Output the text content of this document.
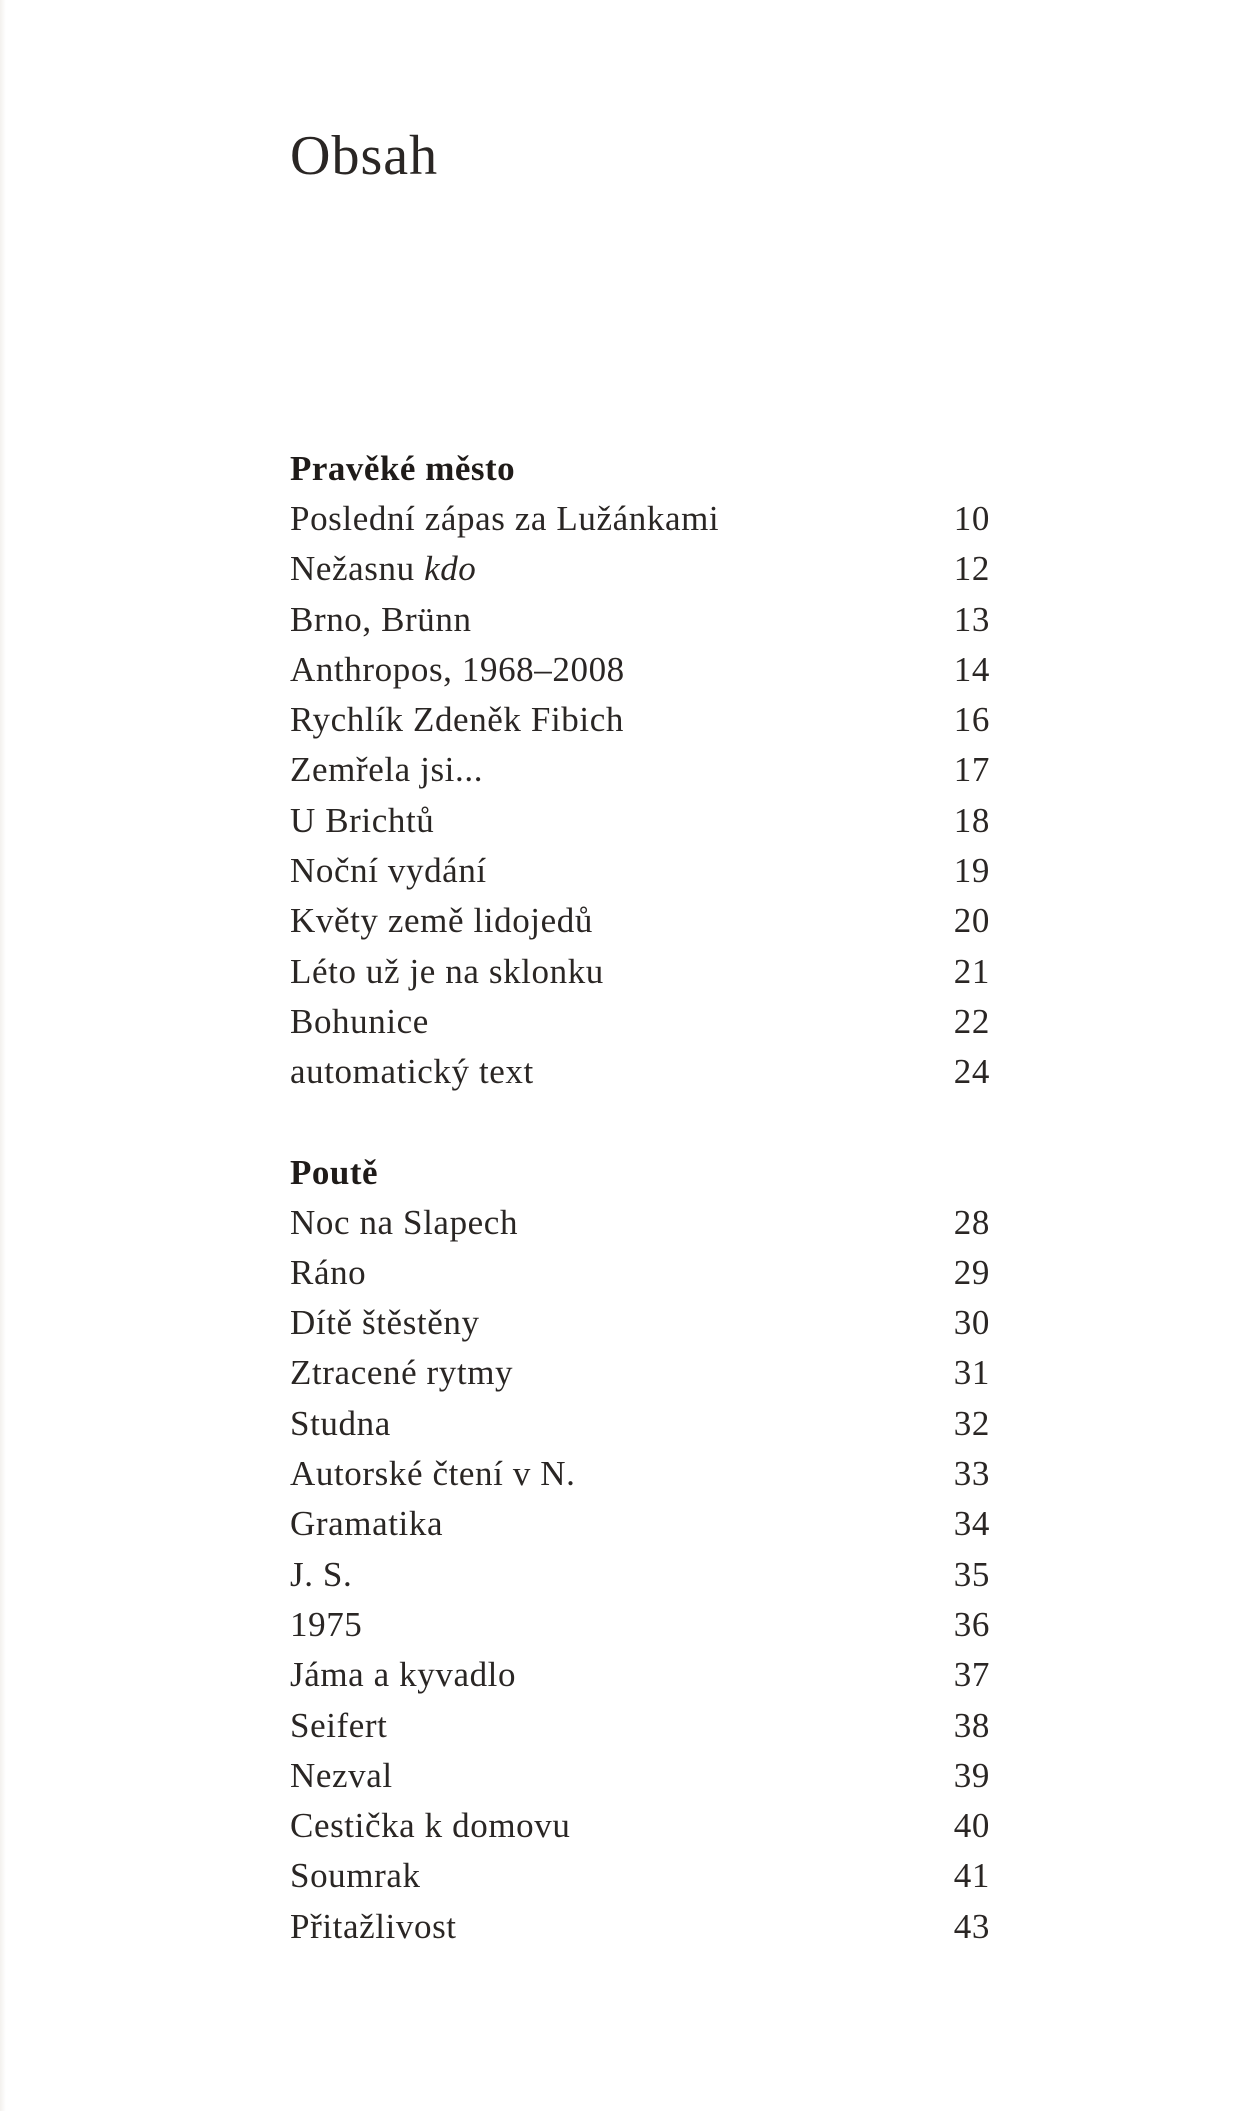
Obsah
Pravěké město
Poslední zápas za Lužánkami	10
Nežasnu kdo	12
Brno, Brünn	13
Anthropos, 1968–2008	14
Rychlík Zdeněk Fibich	16
Zemřela jsi...	17
U Brichtů	18
Noční vydání	19
Květy země lidojedů	20
Léto už je na sklonku	21
Bohunice	22
automatický text	24
Poutě
Noc na Slapech	28
Ráno	29
Dítě štěstěny	30
Ztracené rytmy	31
Studna	32
Autorské čtení v N.	33
Gramatika	34
J. S.	35
1975	36
Jáma a kyvadlo	37
Seifert	38
Nezval	39
Cestička k domovu	40
Soumrak	41
Přitažlivost	43
